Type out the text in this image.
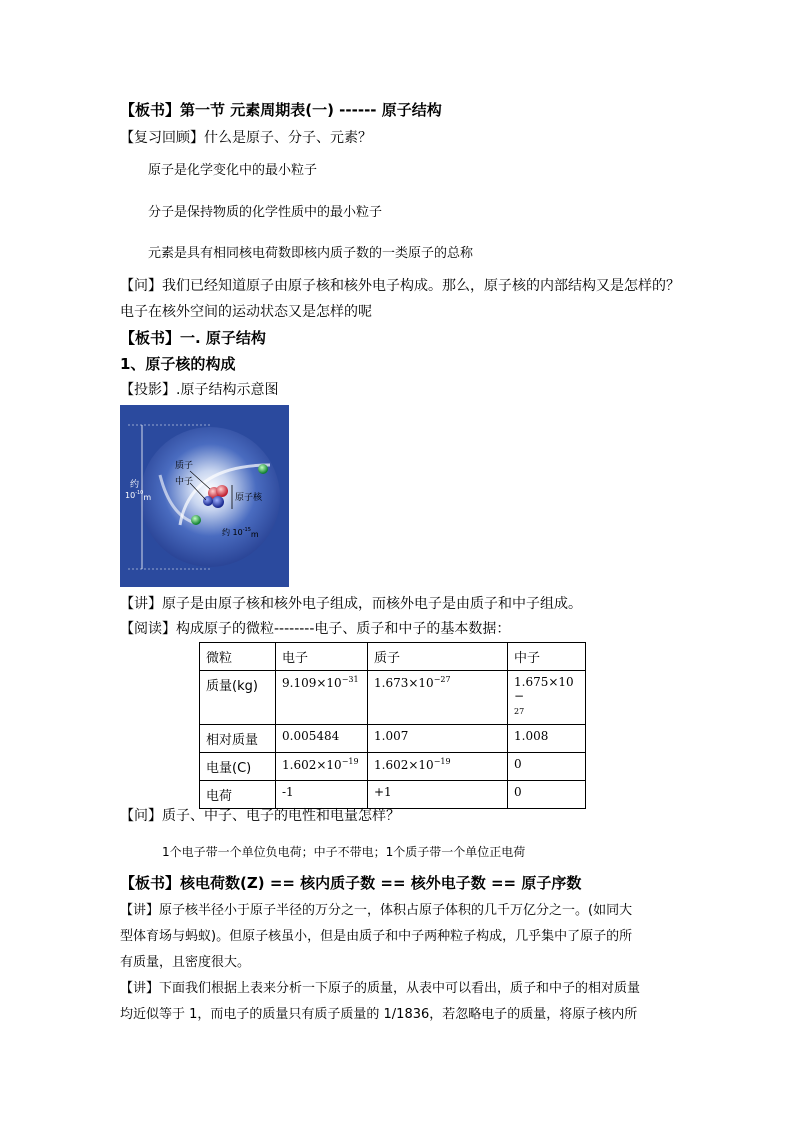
【板书】第一节 元素周期表(一) ------ 原子结构
【复习回顾】什么是原子、分子、元素？
原子是化学变化中的最小粒子
分子是保持物质的化学性质中的最小粒子
元素是具有相同核电荷数即核内质子数的一类原子的总称
【问】我们已经知道原子由原子核和核外电子构成。那么，原子核的内部结构又是怎样的？
电子在核外空间的运动状态又是怎样的呢
【板书】一. 原子结构
1、原子核的构成
【投影】.原子结构示意图
质子
中子
原子核
约
$10^{-10}m$
约 $10^{-15}m$
【讲】原子是由原子核和核外电子组成，而核外电子是由质子和中子组成。
【阅读】构成原子的微粒--------电子、质子和中子的基本数据：
微粒	电子	质子	中子
质量(kg)	$9.109\times 10^{-31}$	$1.673\times 10^{-27}$	1.675×10 −
27

相对质量	0.005484	1.007	1.008
电量(C)	$1.602\times 10^{-19}$	$1.602\times 10^{-19}$	0
电荷	-1	+1	0
【问】质子、中子、电子的电性和电量怎样？
1个电子带一个单位负电荷；中子不带电；1个质子带一个单位正电荷
【板书】核电荷数(Z) == 核内质子数 == 核外电子数 == 原子序数
【讲】原子核半径小于原子半径的万分之一，体积占原子体积的几千万亿分之一。(如同大
型体育场与蚂蚁)。但原子核虽小，但是由质子和中子两种粒子构成，几乎集中了原子的所
有质量，且密度很大。
【讲】下面我们根据上表来分析一下原子的质量，从表中可以看出，质子和中子的相对质量
均近似等于 1，而电子的质量只有质子质量的 1/1836，若忽略电子的质量，将原子核内所
